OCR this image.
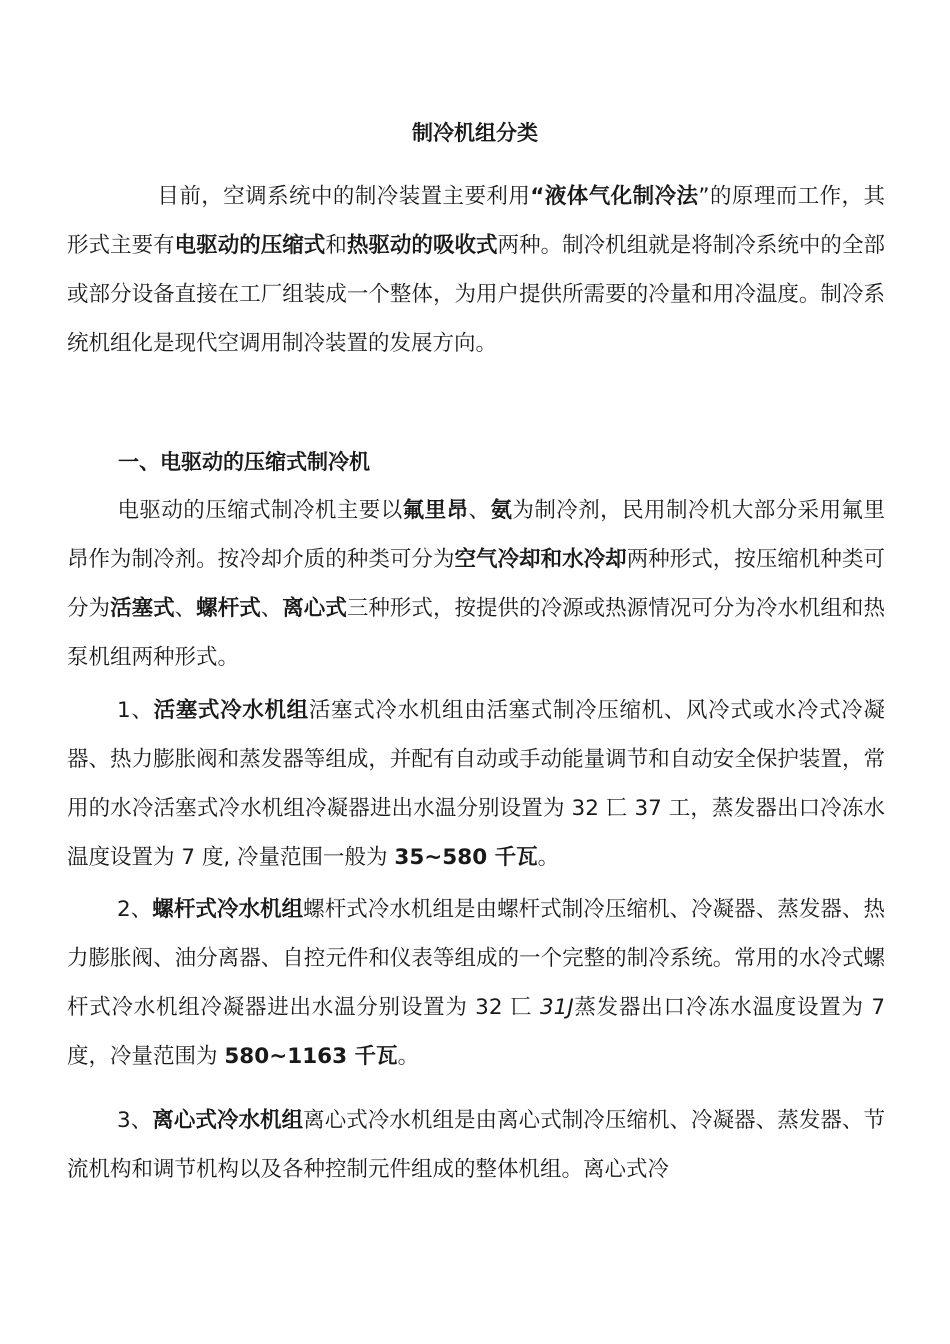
制冷机组分类

目前，空调系统中的制冷装置主要利用“液体气化制冷法”的原理而工作，其形式主要有电驱动的压缩式和热驱动的吸收式两种。制冷机组就是将制冷系统中的全部或部分设备直接在工厂组装成一个整体，为用户提供所需要的冷量和用冷温度。制冷系统机组化是现代空调用制冷装置的发展方向。

一、电驱动的压缩式制冷机

电驱动的压缩式制冷机主要以氟里昂、氨为制冷剂，民用制冷机大部分采用氟里昂作为制冷剂。按冷却介质的种类可分为空气冷却和水冷却两种形式，按压缩机种类可分为活塞式、螺杆式、离心式三种形式，按提供的冷源或热源情况可分为冷水机组和热泵机组两种形式。

1、活塞式冷水机组活塞式冷水机组由活塞式制冷压缩机、风冷式或水冷式冷凝器、热力膨胀阀和蒸发器等组成，并配有自动或手动能量调节和自动安全保护装置，常用的水冷活塞式冷水机组冷凝器进出水温分别设置为 32 匸 37 工，蒸发器出口冷冻水温度设置为 7 度, 冷量范围一般为 35~580 千瓦。

2、螺杆式冷水机组螺杆式冷水机组是由螺杆式制冷压缩机、冷凝器、蒸发器、热力膨胀阀、油分离器、自控元件和仪表等组成的一个完整的制冷系统。常用的水冷式螺杆式冷水机组冷凝器进出水温分别设置为 32 匸 31J蒸发器出口冷冻水温度设置为 7 度，冷量范围为 580~1163 千瓦。

3、离心式冷水机组离心式冷水机组是由离心式制冷压缩机、冷凝器、蒸发器、节流机构和调节机构以及各种控制元件组成的整体机组。离心式冷
